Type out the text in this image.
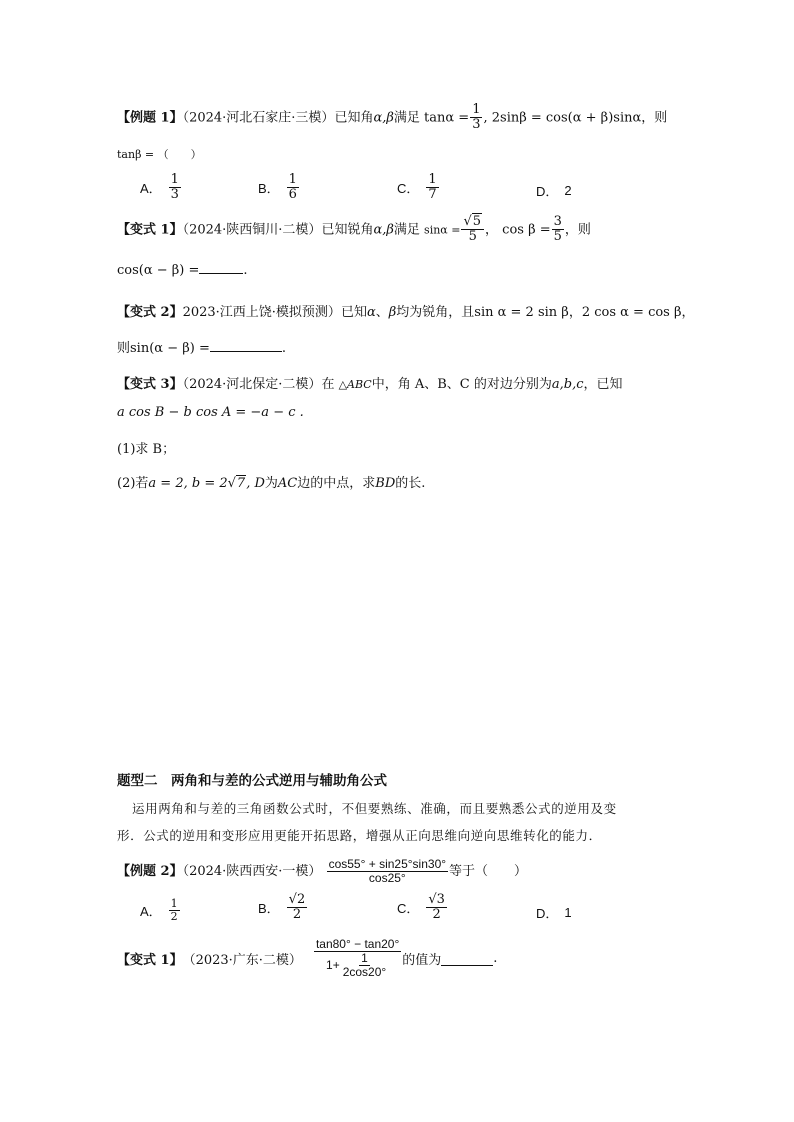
【例题 1】（2024·河北石家庄·三模）已知角α,β满足 $\tan\alpha = \frac{1}{3}$ , 2sinβ = cos(α + β)sinα，则
tanβ = （　　）
A． $\frac{1}{3}$	B． $\frac{1}{6}$	C． $\frac{1}{7}$	D． 2
【变式 1】（2024·陕西铜川·二模）已知锐角α,β满足 $\sin\alpha = \frac{√5}{5}$ ， $\cos \beta = \frac{3}{5}$ ，则
cos(α − β) =	.
【变式 2】2023·江西上饶·模拟预测）已知α、β均为锐角，且sin α = 2 sin β，2 cos α = cos β，
则sin(α − β) =	.
【变式 3】（2024·河北保定·二模）在 △ABC中，角 A、B、C 的对边分别为a,b,c，已知
a cos B − b cos A = −a − c .
(1)求 B；
(2)若a = 2, b = 2√7, D为AC边的中点，求BD的长.
题型二　两角和与差的公式逆用与辅助角公式
运用两角和与差的三角函数公式时，不但要熟练、准确，而且要熟悉公式的逆用及变
形．公式的逆用和变形应用更能开拓思路，增强从正向思维向逆向思维转化的能力．
【例题 2】（2024·陕西西安·一模） $\frac{\cos 55^\circ + \sin 25^\circ\sin 30^\circ}{\cos 25^\circ}$ 等于（　　）
A． $\frac{1}{2}$	B． $\frac{√2}{2}$	C． $\frac{√3}{2}$	D． 1
【变式 1】 （2023·广东·二模） $\frac{\tan 80^\circ - \tan 20^\circ}{1+ \frac{1}{2\cos 20^\circ}}$ 的值为	.
